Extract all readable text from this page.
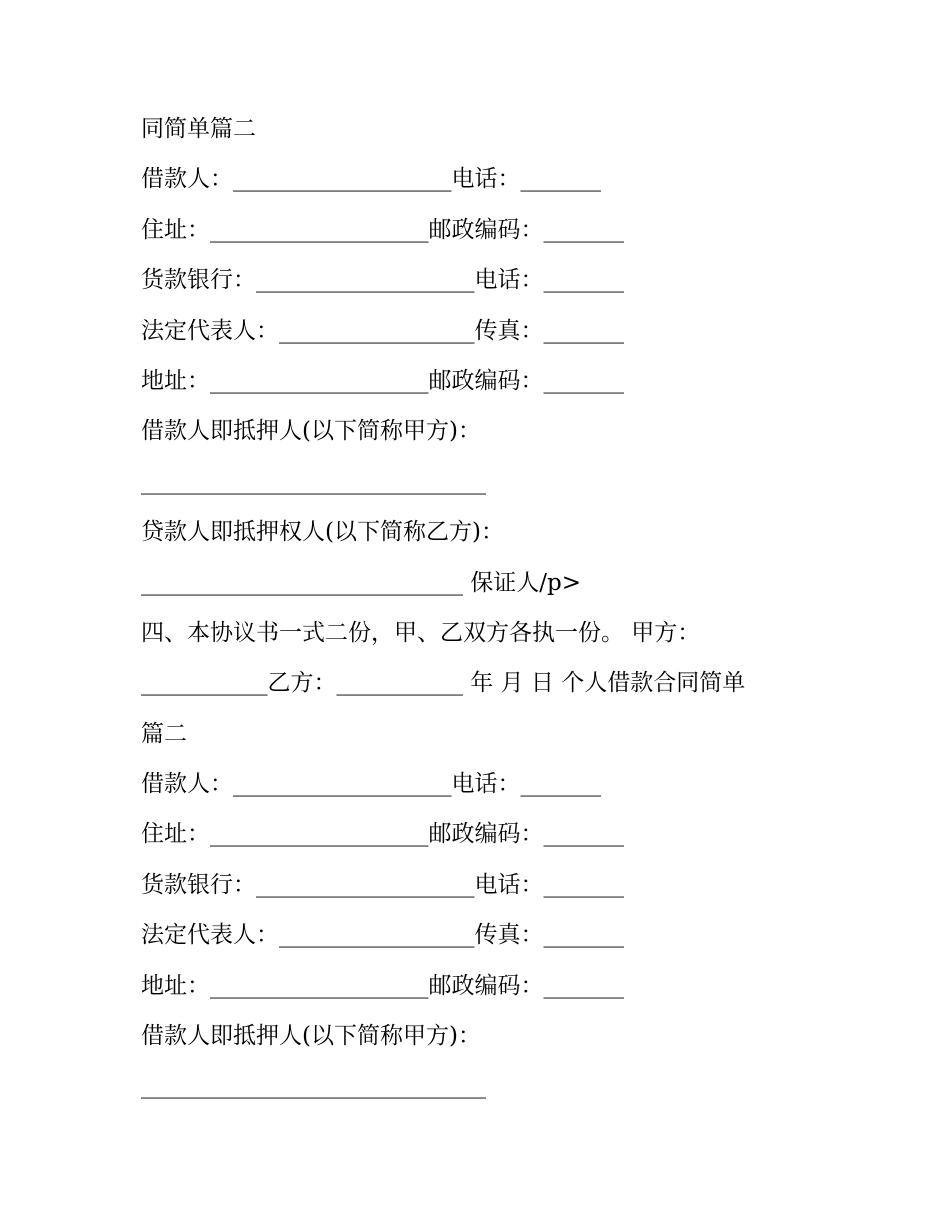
同简单篇二
借款人：___________________电话：_______
住址：___________________邮政编码：_______
货款银行：___________________电话：_______
法定代表人：_________________传真：_______
地址：___________________邮政编码：_______
借款人即抵押人(以下简称甲方)：
______________________________
贷款人即抵押权人(以下简称乙方)：
____________________________ 保证人/p>
四、本协议书一式二份，甲、乙双方各执一份。 甲方：
___________乙方：___________ 年 月 日 个人借款合同简单
篇二
借款人：___________________电话：_______
住址：___________________邮政编码：_______
货款银行：___________________电话：_______
法定代表人：_________________传真：_______
地址：___________________邮政编码：_______
借款人即抵押人(以下简称甲方)：
______________________________
